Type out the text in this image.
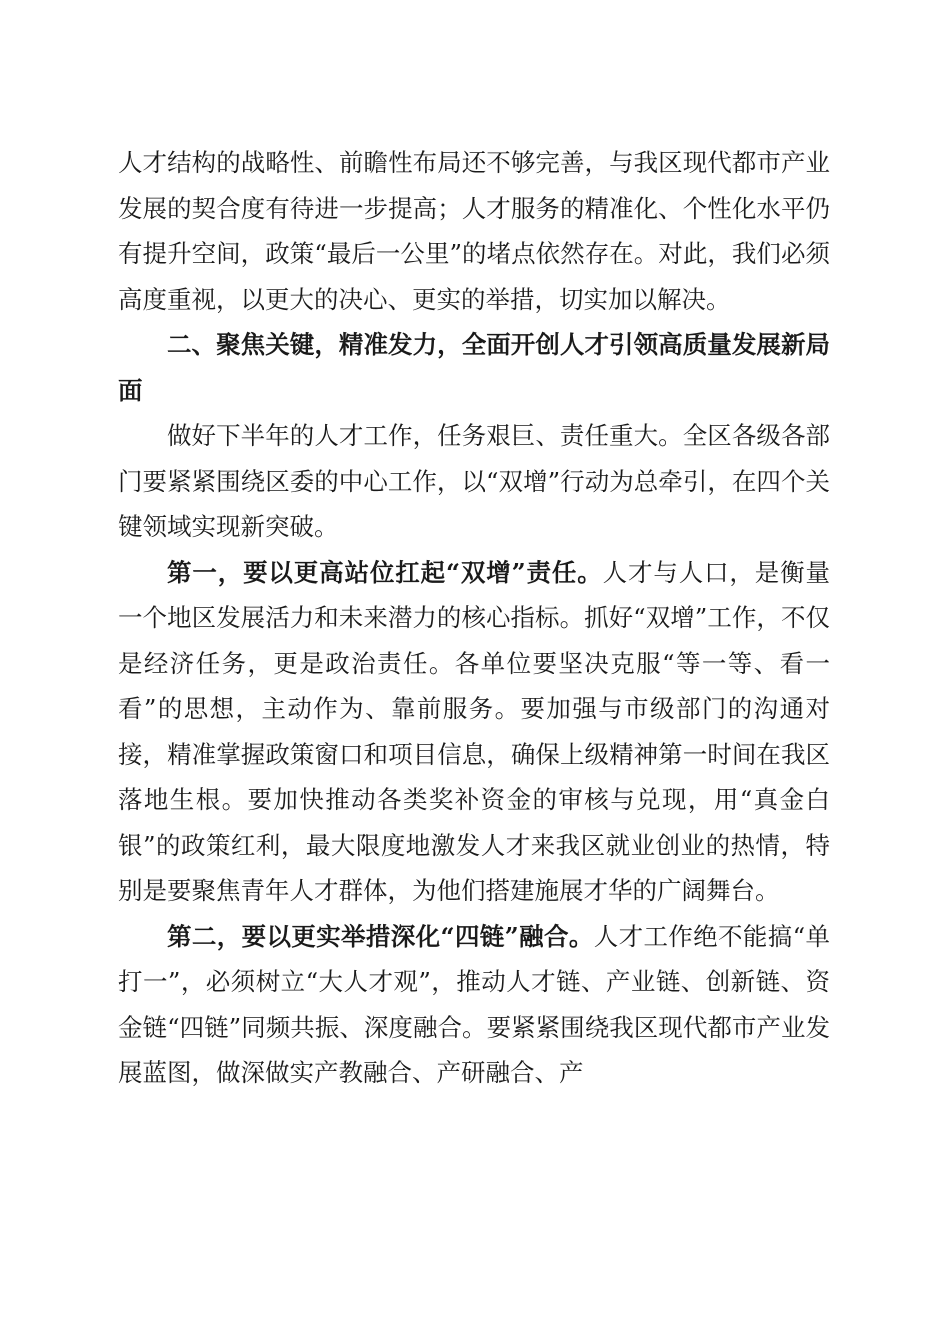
人才结构的战略性、前瞻性布局还不够完善，与我区现代都市产业发展的契合度有待进一步提高；人才服务的精准化、个性化水平仍有提升空间，政策“最后一公里”的堵点依然存在。对此，我们必须高度重视，以更大的决心、更实的举措，切实加以解决。

二、聚焦关键，精准发力，全面开创人才引领高质量发展新局面

做好下半年的人才工作，任务艰巨、责任重大。全区各级各部门要紧紧围绕区委的中心工作，以“双增”行动为总牵引，在四个关键领域实现新突破。

第一，要以更高站位扛起“双增”责任。人才与人口，是衡量一个地区发展活力和未来潜力的核心指标。抓好“双增”工作，不仅是经济任务，更是政治责任。各单位要坚决克服“等一等、看一看”的思想，主动作为、靠前服务。要加强与市级部门的沟通对接，精准掌握政策窗口和项目信息，确保上级精神第一时间在我区落地生根。要加快推动各类奖补资金的审核与兑现，用“真金白银”的政策红利，最大限度地激发人才来我区就业创业的热情，特别是要聚焦青年人才群体，为他们搭建施展才华的广阔舞台。

第二，要以更实举措深化“四链”融合。人才工作绝不能搞“单打一”，必须树立“大人才观”，推动人才链、产业链、创新链、资金链“四链”同频共振、深度融合。要紧紧围绕我区现代都市产业发展蓝图，做深做实产教融合、产研融合、产
